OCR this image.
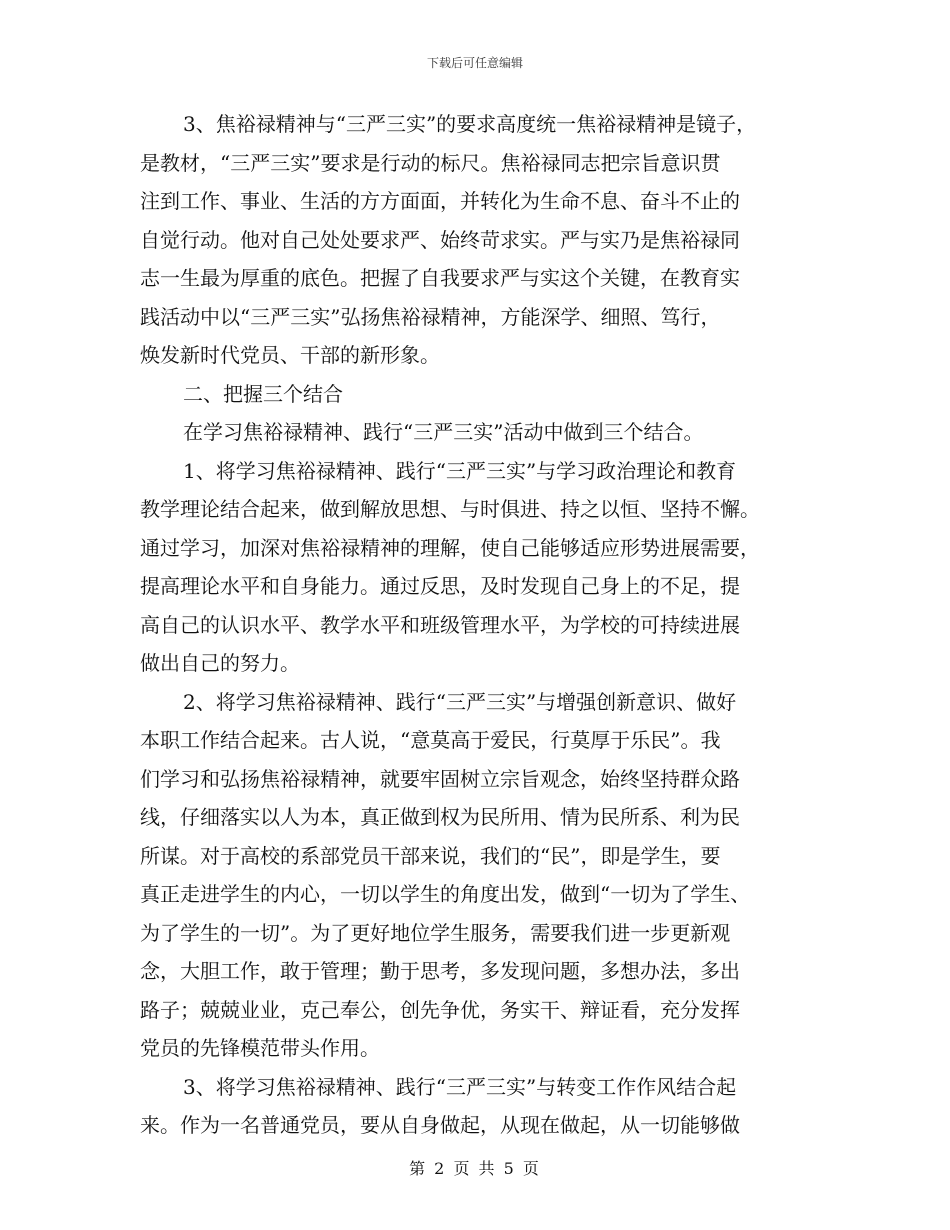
下载后可任意编辑
3、焦裕禄精神与“三严三实”的要求高度统一焦裕禄精神是镜子，
是教材，“三严三实”要求是行动的标尺。焦裕禄同志把宗旨意识贯
注到工作、事业、生活的方方面面，并转化为生命不息、奋斗不止的
自觉行动。他对自己处处要求严、始终苛求实。严与实乃是焦裕禄同
志一生最为厚重的底色。把握了自我要求严与实这个关键，在教育实
践活动中以“三严三实”弘扬焦裕禄精神，方能深学、细照、笃行，
焕发新时代党员、干部的新形象。
二、把握三个结合
在学习焦裕禄精神、践行“三严三实”活动中做到三个结合。
1、将学习焦裕禄精神、践行“三严三实”与学习政治理论和教育
教学理论结合起来，做到解放思想、与时俱进、持之以恒、坚持不懈。
通过学习，加深对焦裕禄精神的理解，使自己能够适应形势进展需要，
提高理论水平和自身能力。通过反思，及时发现自己身上的不足，提
高自己的认识水平、教学水平和班级管理水平，为学校的可持续进展
做出自己的努力。
2、将学习焦裕禄精神、践行“三严三实”与增强创新意识、做好
本职工作结合起来。古人说，“意莫高于爱民，行莫厚于乐民”。我
们学习和弘扬焦裕禄精神，就要牢固树立宗旨观念，始终坚持群众路
线，仔细落实以人为本，真正做到权为民所用、情为民所系、利为民
所谋。对于高校的系部党员干部来说，我们的“民”，即是学生，要
真正走进学生的内心，一切以学生的角度出发，做到“一切为了学生、
为了学生的一切”。为了更好地位学生服务，需要我们进一步更新观
念，大胆工作，敢于管理；勤于思考，多发现问题，多想办法，多出
路子；兢兢业业，克己奉公，创先争优，务实干、辩证看，充分发挥
党员的先锋模范带头作用。
3、将学习焦裕禄精神、践行“三严三实”与转变工作作风结合起
来。作为一名普通党员，要从自身做起，从现在做起，从一切能够做
第 2 页 共 5 页
